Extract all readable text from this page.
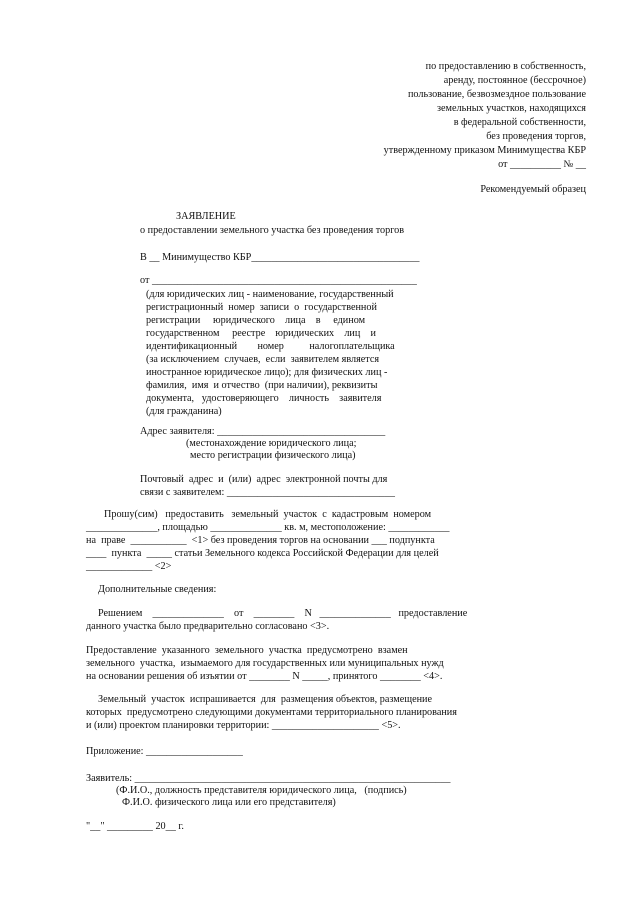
по предоставлению в собственность,
аренду, постоянное (бессрочное)
пользование, безвозмездное пользование
земельных участков, находящихся
в федеральной собственности,
без проведения торгов,
утвержденному приказом Минимущества КБР
от __________ № __
Рекомендуемый образец
ЗАЯВЛЕНИЕ
о предоставлении земельного участка без проведения торгов
В __ Минимущество КБР_________________________________
от ____________________________________________________
(для юридических лиц - наименование, государственный
регистрационный  номер  записи  о  государственной
регистрации     юридического    лица    в     едином
государственном     реестре    юридических    лиц    и
идентификационный        номер          налогоплательщика
(за исключением  случаев,  если  заявителем является
иностранное юридическое лицо); для физических лиц -
фамилия,  имя  и отчество  (при наличии), реквизиты
документа,   удостоверяющего    личность    заявителя
(для гражданина)
Адрес заявителя: _________________________________
(местонахождение юридического лица;
место регистрации физического лица)
Почтовый  адрес  и  (или)  адрес  электронной почты для
связи с заявителем: _________________________________
Прошу(сим)   предоставить   земельный  участок  с  кадастровым  номером
______________, площадью ______________ кв. м, местоположение: ____________
на  праве  ___________  <1> без проведения торгов на основании ___ подпункта
____  пункта  _____ статьи Земельного кодекса Российской Федерации для целей
_____________ <2>
Дополнительные сведения:
Решением    ______________    от    ________    N   ______________   предоставление
данного участка было предварительно согласовано <3>.
Предоставление  указанного  земельного  участка  предусмотрено  взамен
земельного  участка,  изымаемого для государственных или муниципальных нужд
на основании решения об изъятии от ________ N _____, принятого ________ <4>.
Земельный  участок  испрашивается  для  размещения объектов, размещение
которых  предусмотрено следующими документами территориального планирования
и (или) проектом планировки территории: _____________________ <5>.
Приложение: ___________________
Заявитель: ______________________________________________________________
(Ф.И.О., должность представителя юридического лица,   (подпись)
Ф.И.О. физического лица или его представителя)
"__" _________ 20__ г.
